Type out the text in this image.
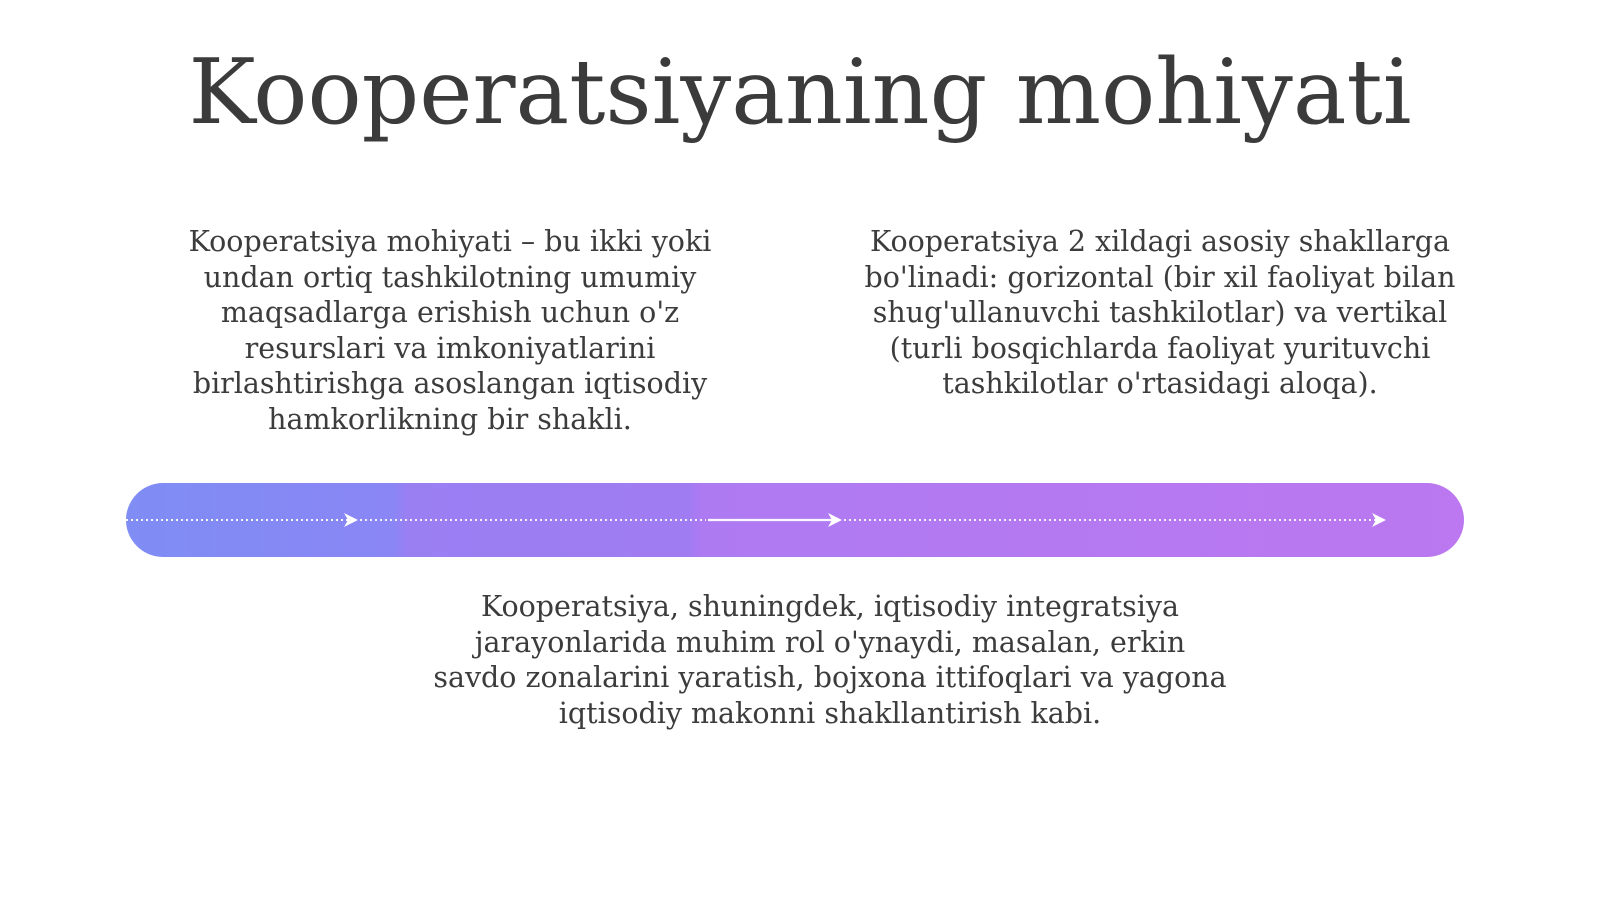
Kooperatsiyaning mohiyati

Kooperatsiya mohiyati – bu ikki yoki undan ortiq tashkilotning umumiy maqsadlarga erishish uchun o'z resurslari va imkoniyatlarini birlashtirishga asoslangan iqtisodiy hamkorlikning bir shakli.

Kooperatsiya 2 xildagi asosiy shakllarga bo'linadi: gorizontal (bir xil faoliyat bilan shug'ullanuvchi tashkilotlar) va vertikal (turli bosqichlarda faoliyat yurituvchi tashkilotlar o'rtasidagi aloqa).

Kooperatsiya, shuningdek, iqtisodiy integratsiya jarayonlarida muhim rol o'ynaydi, masalan, erkin savdo zonalarini yaratish, bojxona ittifoqlari va yagona iqtisodiy makonni shakllantirish kabi.
